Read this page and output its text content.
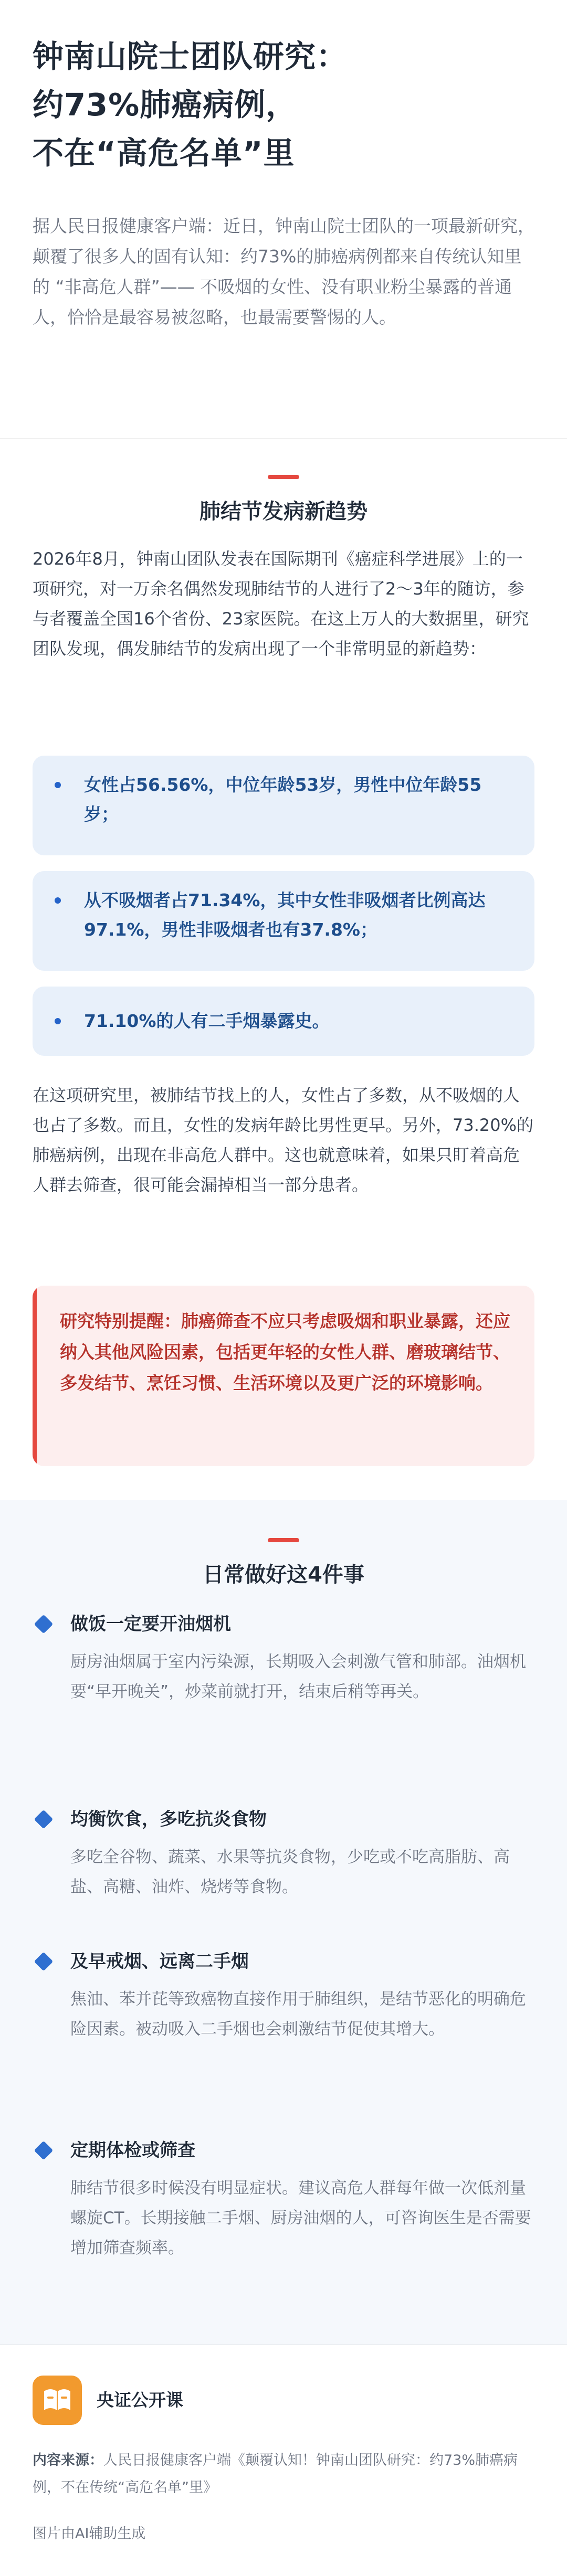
钟南山院士团队研究：
约73%肺癌病例，
不在“高危名单”里

据人民日报健康客户端：近日，钟南山院士团队的一项最新研究，颠覆了很多人的固有认知：约73%的肺癌病例都来自传统认知里的 “非高危人群”—— 不吸烟的女性、没有职业粉尘暴露的普通人，恰恰是最容易被忽略，也最需要警惕的人。

肺结节发病新趋势

2026年8月，钟南山团队发表在国际期刊《癌症科学进展》上的一项研究，对一万余名偶然发现肺结节的人进行了2～3年的随访，参与者覆盖全国16个省份、23家医院。在这上万人的大数据里，研究团队发现，偶发肺结节的发病出现了一个非常明显的新趋势：

女性占56.56%，中位年龄53岁，男性中位年龄55岁；

从不吸烟者占71.34%，其中女性非吸烟者比例高达97.1%，男性非吸烟者也有37.8%；

71.10%的人有二手烟暴露史。

在这项研究里，被肺结节找上的人，女性占了多数，从不吸烟的人也占了多数。而且，女性的发病年龄比男性更早。另外，73.20%的肺癌病例，出现在非高危人群中。这也就意味着，如果只盯着高危人群去筛查，很可能会漏掉相当一部分患者。

研究特别提醒：肺癌筛查不应只考虑吸烟和职业暴露，还应纳入其他风险因素，包括更年轻的女性人群、磨玻璃结节、多发结节、烹饪习惯、生活环境以及更广泛的环境影响。

日常做好这4件事
做饭一定要开油烟机

厨房油烟属于室内污染源，长期吸入会刺激气管和肺部。油烟机要“早开晚关”，炒菜前就打开，结束后稍等再关。

均衡饮食，多吃抗炎食物

多吃全谷物、蔬菜、水果等抗炎食物，少吃或不吃高脂肪、高盐、高糖、油炸、烧烤等食物。

及早戒烟、远离二手烟

焦油、苯并芘等致癌物直接作用于肺组织，是结节恶化的明确危险因素。被动吸入二手烟也会刺激结节促使其增大。

定期体检或筛查

肺结节很多时候没有明显症状。建议高危人群每年做一次低剂量螺旋CT。长期接触二手烟、厨房油烟的人，可咨询医生是否需要增加筛查频率。

央证公开课

内容来源：人民日报健康客户端《颠覆认知！钟南山团队研究：约73%肺癌病例，不在传统“高危名单”里》

图片由AI辅助生成
